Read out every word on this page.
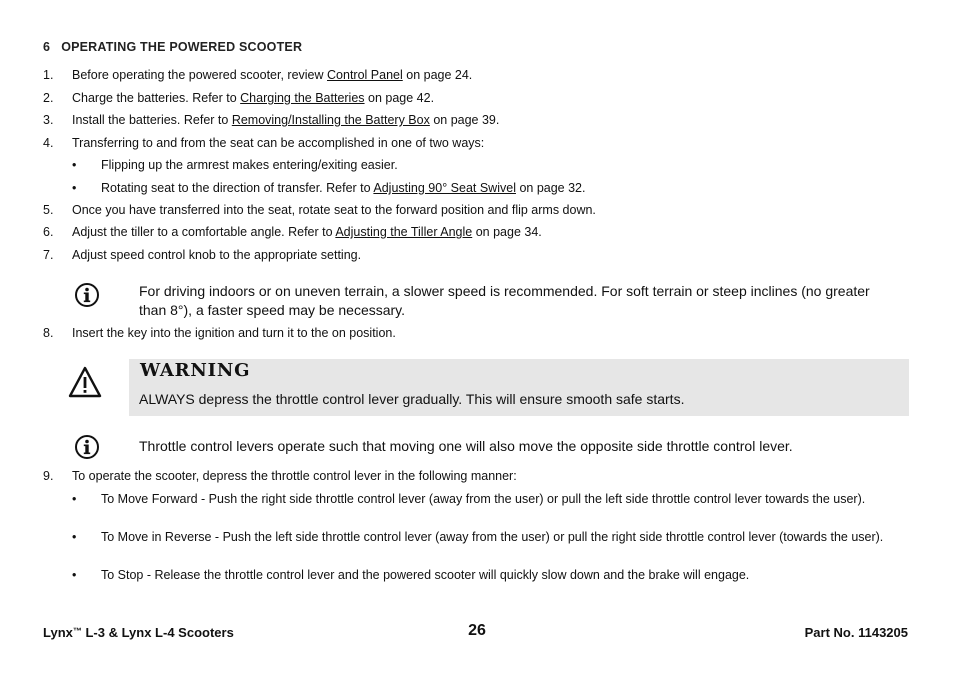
6 OPERATING THE POWERED SCOOTER
1.	Before operating the powered scooter, review Control Panel on page 24.
2.	Charge the batteries. Refer to Charging the Batteries on page 42.
3.	Install the batteries. Refer to Removing/Installing the Battery Box on page 39.
4.	Transferring to and from the seat can be accomplished in one of two ways:
• Flipping up the armrest makes entering/exiting easier.
• Rotating seat to the direction of transfer. Refer to Adjusting 90° Seat Swivel on page 32.
5.	Once you have transferred into the seat, rotate seat to the forward position and flip arms down.
6.	Adjust the tiller to a comfortable angle. Refer to Adjusting the Tiller Angle on page 34.
7.	Adjust speed control knob to the appropriate setting.
For driving indoors or on uneven terrain, a slower speed is recommended. For soft terrain or steep inclines (no greater than 8°), a faster speed may be necessary.
8.	Insert the key into the ignition and turn it to the on position.
WARNING
ALWAYS depress the throttle control lever gradually. This will ensure smooth safe starts.
Throttle control levers operate such that moving one will also move the opposite side throttle control lever.
9.	To operate the scooter, depress the throttle control lever in the following manner:
• To Move Forward - Push the right side throttle control lever (away from the user) or pull the left side throttle control lever towards the user).
• To Move in Reverse - Push the left side throttle control lever (away from the user) or pull the right side throttle control lever (towards the user).
• To Stop - Release the throttle control lever and the powered scooter will quickly slow down and the brake will engage.
Lynx™ L-3 & Lynx L-4 Scooters	26	Part No. 1143205
